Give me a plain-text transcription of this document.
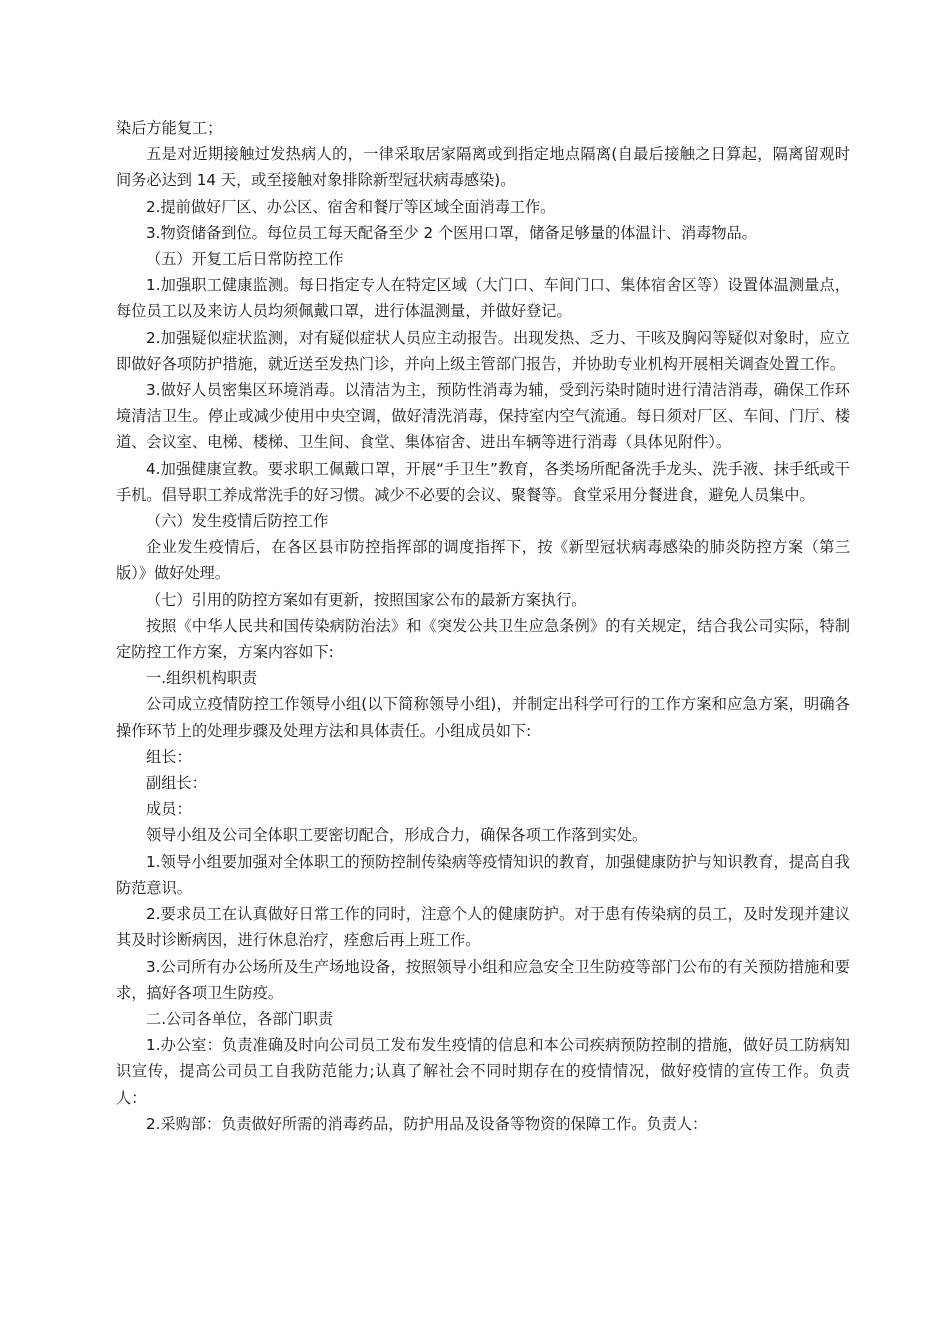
染后方能复工；

五是对近期接触过发热病人的，一律采取居家隔离或到指定地点隔离(自最后接触之日算起，隔离留观时间务必达到 14 天，或至接触对象排除新型冠状病毒感染)。

2.提前做好厂区、办公区、宿舍和餐厅等区域全面消毒工作。

3.物资储备到位。每位员工每天配备至少 2 个医用口罩，储备足够量的体温计、消毒物品。

（五）开复工后日常防控工作

1.加强职工健康监测。每日指定专人在特定区域（大门口、车间门口、集体宿舍区等）设置体温测量点，每位员工以及来访人员均须佩戴口罩，进行体温测量，并做好登记。

2.加强疑似症状监测，对有疑似症状人员应主动报告。出现发热、乏力、干咳及胸闷等疑似对象时，应立即做好各项防护措施，就近送至发热门诊，并向上级主管部门报告，并协助专业机构开展相关调查处置工作。

3.做好人员密集区环境消毒。以清洁为主，预防性消毒为辅，受到污染时随时进行清洁消毒，确保工作环境清洁卫生。停止或减少使用中央空调，做好清洗消毒，保持室内空气流通。每日须对厂区、车间、门厅、楼道、会议室、电梯、楼梯、卫生间、食堂、集体宿舍、进出车辆等进行消毒（具体见附件）。

4.加强健康宣教。要求职工佩戴口罩，开展“手卫生”教育，各类场所配备洗手龙头、洗手液、抹手纸或干手机。倡导职工养成常洗手的好习惯。减少不必要的会议、聚餐等。食堂采用分餐进食，避免人员集中。

（六）发生疫情后防控工作

企业发生疫情后，在各区县市防控指挥部的调度指挥下，按《新型冠状病毒感染的肺炎防控方案（第三版）》做好处理。

（七）引用的防控方案如有更新，按照国家公布的最新方案执行。

按照《中华人民共和国传染病防治法》和《突发公共卫生应急条例》的有关规定，结合我公司实际，特制定防控工作方案，方案内容如下:

一.组织机构职责

公司成立疫情防控工作领导小组(以下简称领导小组)，并制定出科学可行的工作方案和应急方案，明确各操作环节上的处理步骤及处理方法和具体责任。小组成员如下:

组长：

副组长：

成员：

领导小组及公司全体职工要密切配合，形成合力，确保各项工作落到实处。

1.领导小组要加强对全体职工的预防控制传染病等疫情知识的教育，加强健康防护与知识教育，提高自我防范意识。

2.要求员工在认真做好日常工作的同时，注意个人的健康防护。对于患有传染病的员工，及时发现并建议其及时诊断病因，进行休息治疗，痊愈后再上班工作。

3.公司所有办公场所及生产场地设备，按照领导小组和应急安全卫生防疫等部门公布的有关预防措施和要求，搞好各项卫生防疫。

二.公司各单位，各部门职责

1.办公室：负责准确及时向公司员工发布发生疫情的信息和本公司疾病预防控制的措施，做好员工防病知识宣传，提高公司员工自我防范能力;认真了解社会不同时期存在的疫情情况，做好疫情的宣传工作。负责人：

2.采购部：负责做好所需的消毒药品，防护用品及设备等物资的保障工作。负责人：
